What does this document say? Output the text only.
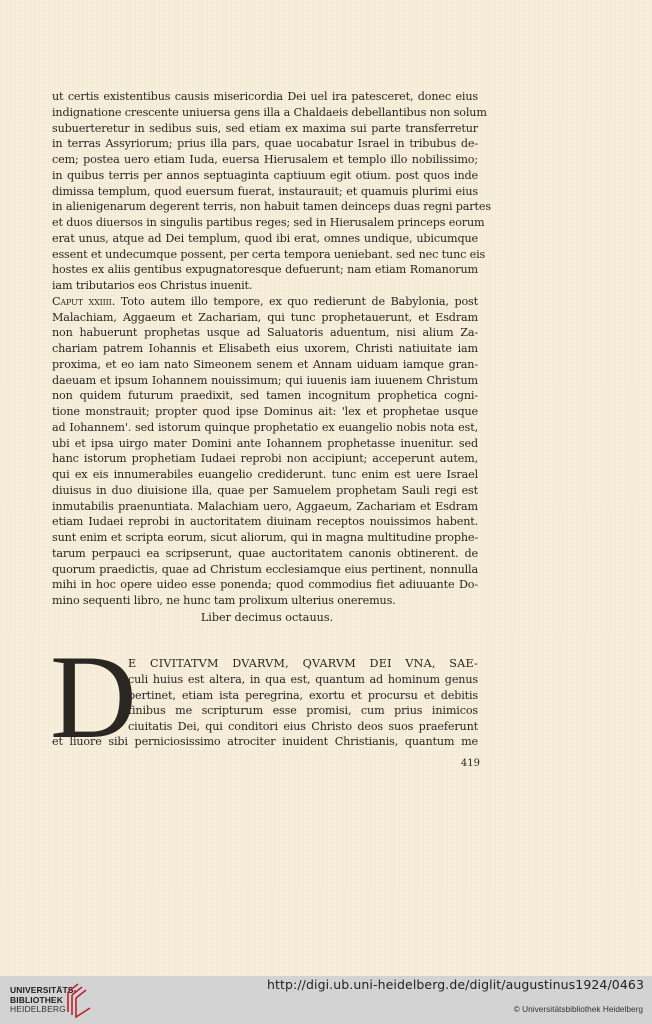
ut certis existentibus causis misericordia Dei uel ira patesceret, donec eius
indignatione crescente uniuersa gens illa a Chaldaeis debellantibus non solum
subuerteretur in sedibus suis, sed etiam ex maxima sui parte transferretur
in terras Assyriorum; prius illa pars, quae uocabatur Israel in tribubus de-
cem; postea uero etiam Iuda, euersa Hierusalem et templo illo nobilissimo;
in quibus terris per annos septuaginta captiuum egit otium. post quos inde
dimissa templum, quod euersum fuerat, instaurauit; et quamuis plurimi eius
in alienigenarum degerent terris, non habuit tamen deinceps duas regni partes
et duos diuersos in singulis partibus reges; sed in Hierusalem princeps eorum
erat unus, atque ad Dei templum, quod ibi erat, omnes undique, ubicumque
essent et undecumque possent, per certa tempora ueniebant. sed nec tunc eis
hostes ex aliis gentibus expugnatoresque defuerunt; nam etiam Romanorum
iam tributarios eos Christus inuenit.
Caput xxiiii. Toto autem illo tempore, ex quo redierunt de Babylonia, post
Malachiam, Aggaeum et Zachariam, qui tunc prophetauerunt, et Esdram
non habuerunt prophetas usque ad Saluatoris aduentum, nisi alium Za-
chariam patrem Iohannis et Elisabeth eius uxorem, Christi natiuitate iam
proxima, et eo iam nato Simeonem senem et Annam uiduam iamque gran-
daeuam et ipsum Iohannem nouissimum; qui iuuenis iam iuuenem Christum
non quidem futurum praedixit, sed tamen incognitum prophetica cogni-
tione monstrauit; propter quod ipse Dominus ait: 'lex et prophetae usque
ad Iohannem'. sed istorum quinque prophetatio ex euangelio nobis nota est,
ubi et ipsa uirgo mater Domini ante Iohannem prophetasse inuenitur. sed
hanc istorum prophetiam Iudaei reprobi non accipiunt; acceperunt autem,
qui ex eis innumerabiles euangelio crediderunt. tunc enim est uere Israel
diuisus in duo diuisione illa, quae per Samuelem prophetam Sauli regi est
inmutabilis praenuntiata. Malachiam uero, Aggaeum, Zachariam et Esdram
etiam Iudaei reprobi in auctoritatem diuinam receptos nouissimos habent.
sunt enim et scripta eorum, sicut aliorum, qui in magna multitudine prophe-
tarum perpauci ea scripserunt, quae auctoritatem canonis obtinerent. de
quorum praedictis, quae ad Christum ecclesiamque eius pertinent, nonnulla
mihi in hoc opere uideo esse ponenda; quod commodius fiet adiuuante Do-
mino sequenti libro, ne hunc tam prolixum ulterius oneremus.
Liber decimus octauus.
D
E CIVITATVM DVARVM, QVARVM DEI VNA, SAE-
culi huius est altera, in qua est, quantum ad hominum genus
pertinet, etiam ista peregrina, exortu et procursu et debitis
finibus me scripturum esse promisi, cum prius inimicos
ciuitatis Dei, qui conditori eius Christo deos suos praeferunt
et liuore sibi perniciosissimo atrociter inuident Christianis, quantum me
419
UNIVERSITÄTS-
BIBLIOTHEK
HEIDELBERG
http://digi.ub.uni-heidelberg.de/diglit/augustinus1924/0463
© Universitätsbibliothek Heidelberg
